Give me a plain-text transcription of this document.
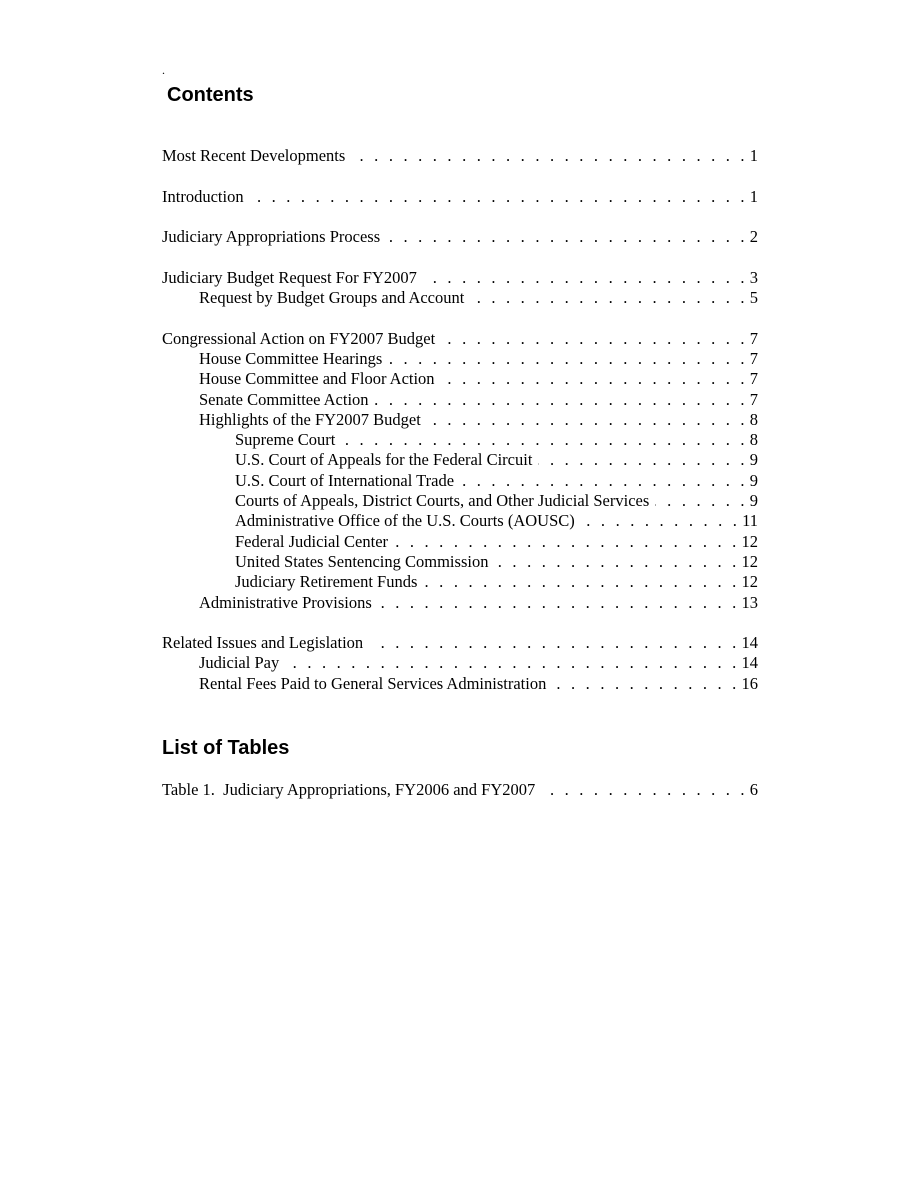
.
Contents
Most Recent Developments . . .	1
Introduction . . .	1
Judiciary Appropriations Process . . .	2
Judiciary Budget Request For FY2007 . . .	3
Request by Budget Groups and Account . . .	5
Congressional Action on FY2007 Budget . . .	7
House Committee Hearings . . .	7
House Committee and Floor Action . . .	7
Senate Committee Action . . .	7
Highlights of the FY2007 Budget . . .	8
Supreme Court . . .	8
U.S. Court of Appeals for the Federal Circuit . . .	9
U.S. Court of International Trade . . .	9
Courts of Appeals, District Courts, and Other Judicial Services . . .	9
Administrative Office of the U.S. Courts (AOUSC) . . .	11
Federal Judicial Center . . .	12
United States Sentencing Commission . . .	12
Judiciary Retirement Funds . . .	12
Administrative Provisions . . .	13
Related Issues and Legislation . . .	14
Judicial Pay . . .	14
Rental Fees Paid to General Services Administration . . .	16
List of Tables
Table 1.  Judiciary Appropriations, FY2006 and FY2007 . . .	6
